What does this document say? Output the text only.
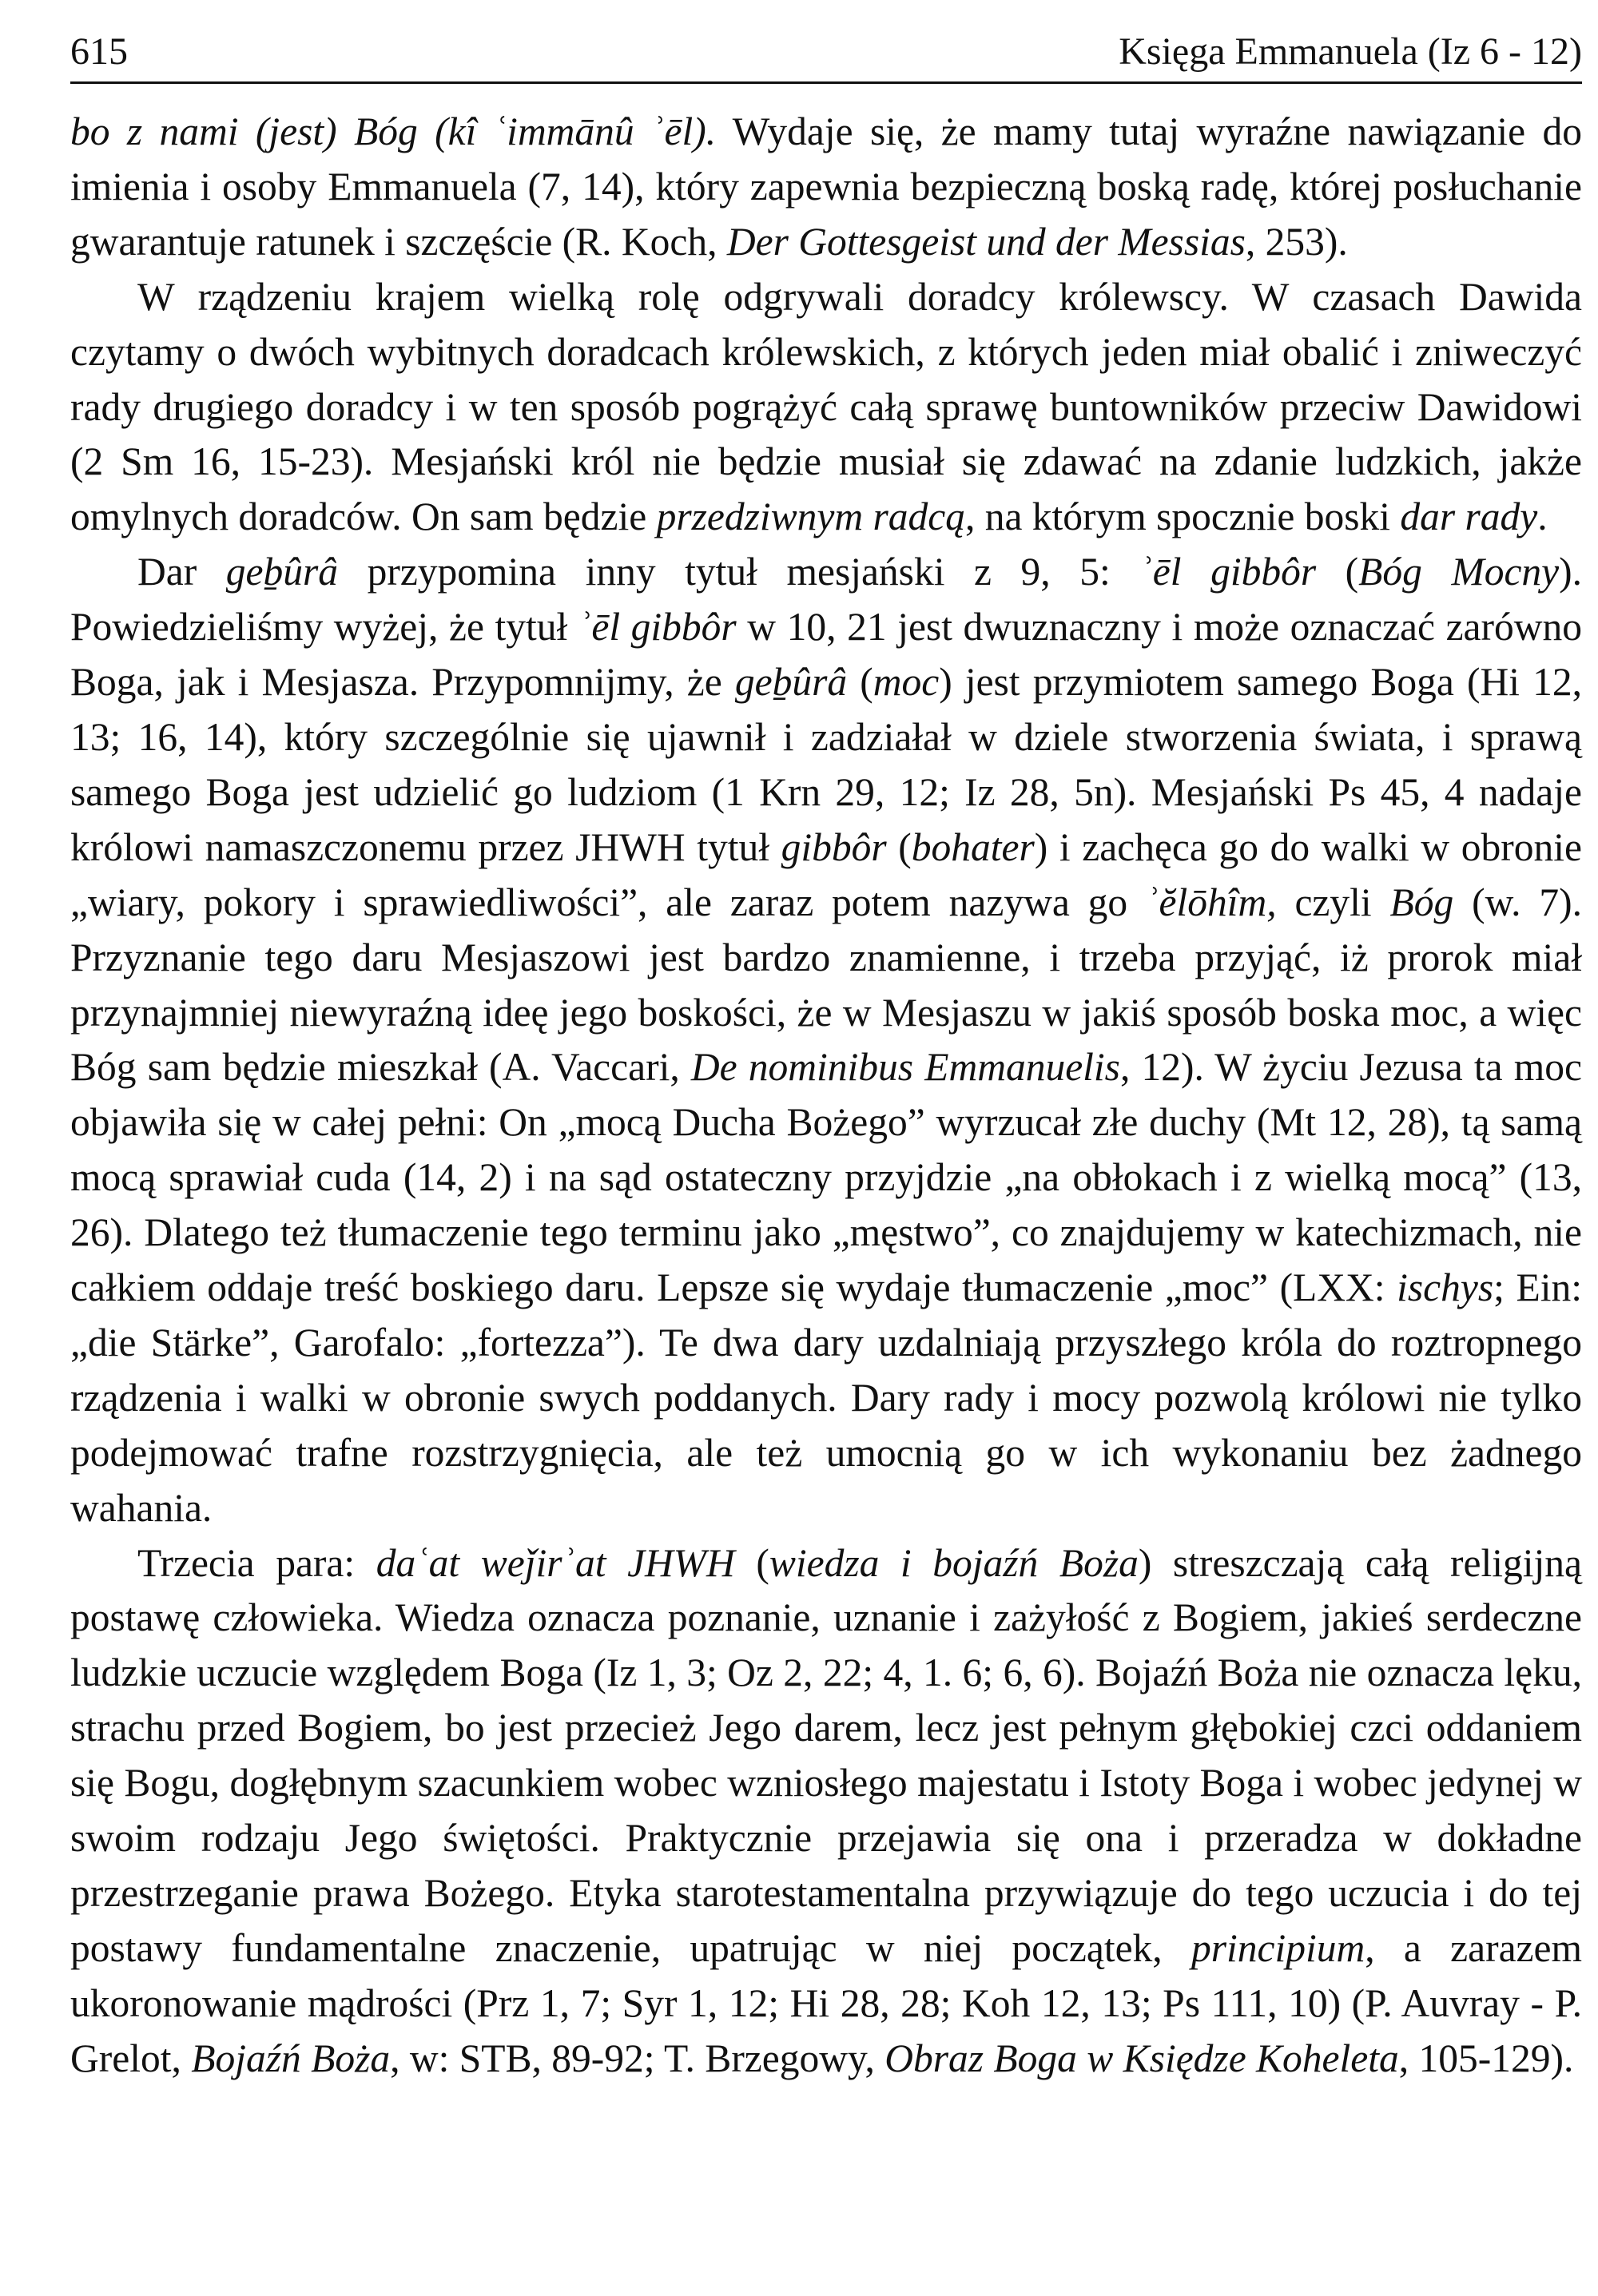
615	Księga Emmanuela (Iz 6 - 12)

bo z nami (jest) Bóg (kî ʿimmānû ʾēl). Wydaje się, że mamy tutaj wyraźne nawiązanie do imienia i osoby Emmanuela (7, 14), który zapewnia bezpieczną boską radę, której posłuchanie gwarantuje ratunek i szczęście (R. Koch, Der Gottesgeist und der Messias, 253).

W rządzeniu krajem wielką rolę odgrywali doradcy królewscy. W czasach Dawida czytamy o dwóch wybitnych doradcach królewskich, z których jeden miał obalić i zniweczyć rady drugiego doradcy i w ten sposób pogrążyć całą sprawę buntowników przeciw Dawidowi (2 Sm 16, 15-23). Mesjański król nie będzie musiał się zdawać na zdanie ludzkich, jakże omylnych doradców. On sam będzie przedziwnym radcą, na którym spocznie boski dar rady.

Dar geḇûrâ przypomina inny tytuł mesjański z 9, 5: ʾēl gibbôr (Bóg Mocny). Powiedzieliśmy wyżej, że tytuł ʾēl gibbôr w 10, 21 jest dwuznaczny i może oznaczać zarówno Boga, jak i Mesjasza. Przypomnijmy, że geḇûrâ (moc) jest przymiotem samego Boga (Hi 12, 13; 16, 14), który szczególnie się ujawnił i zadziałał w dziele stworzenia świata, i sprawą samego Boga jest udzielić go ludziom (1 Krn 29, 12; Iz 28, 5n). Mesjański Ps 45, 4 nadaje królowi namaszczonemu przez JHWH tytuł gibbôr (bohater) i zachęca go do walki w obronie „wiary, pokory i sprawiedliwości”, ale zaraz potem nazywa go ʾĕlōhîm, czyli Bóg (w. 7). Przyznanie tego daru Mesjaszowi jest bardzo znamienne, i trzeba przyjąć, iż prorok miał przynajmniej niewyraźną ideę jego boskości, że w Mesjaszu w jakiś sposób boska moc, a więc Bóg sam będzie mieszkał (A. Vaccari, De nominibus Emmanuelis, 12). W życiu Jezusa ta moc objawiła się w całej pełni: On „mocą Ducha Bożego” wyrzucał złe duchy (Mt 12, 28), tą samą mocą sprawiał cuda (14, 2) i na sąd ostateczny przyjdzie „na obłokach i z wielką mocą” (13, 26). Dlatego też tłumaczenie tego terminu jako „męstwo”, co znajdujemy w katechizmach, nie całkiem oddaje treść boskiego daru. Lepsze się wydaje tłumaczenie „moc” (LXX: ischys; Ein: „die Stärke”, Garofalo: „fortezza”). Te dwa dary uzdalniają przyszłego króla do roztropnego rządzenia i walki w obronie swych poddanych. Dary rady i mocy pozwolą królowi nie tylko podejmować trafne rozstrzygnięcia, ale też umocnią go w ich wykonaniu bez żadnego wahania.

Trzecia para: daʿat weǰirʾat JHWH (wiedza i bojaźń Boża) streszczają całą religijną postawę człowieka. Wiedza oznacza poznanie, uznanie i zażyłość z Bogiem, jakieś serdeczne ludzkie uczucie względem Boga (Iz 1, 3; Oz 2, 22; 4, 1. 6; 6, 6). Bojaźń Boża nie oznacza lęku, strachu przed Bogiem, bo jest przecież Jego darem, lecz jest pełnym głębokiej czci oddaniem się Bogu, dogłębnym szacunkiem wobec wzniosłego majestatu i Istoty Boga i wobec jedynej w swoim rodzaju Jego świętości. Praktycznie przejawia się ona i przeradza w dokładne przestrzeganie prawa Bożego. Etyka starotestamentalna przywiązuje do tego uczucia i do tej postawy fundamentalne znaczenie, upatrując w niej początek, principium, a zarazem ukoronowanie mądrości (Prz 1, 7; Syr 1, 12; Hi 28, 28; Koh 12, 13; Ps 111, 10) (P. Auvray - P. Grelot, Bojaźń Boża, w: STB, 89-92; T. Brzegowy, Obraz Boga w Księdze Koheleta, 105-129).
